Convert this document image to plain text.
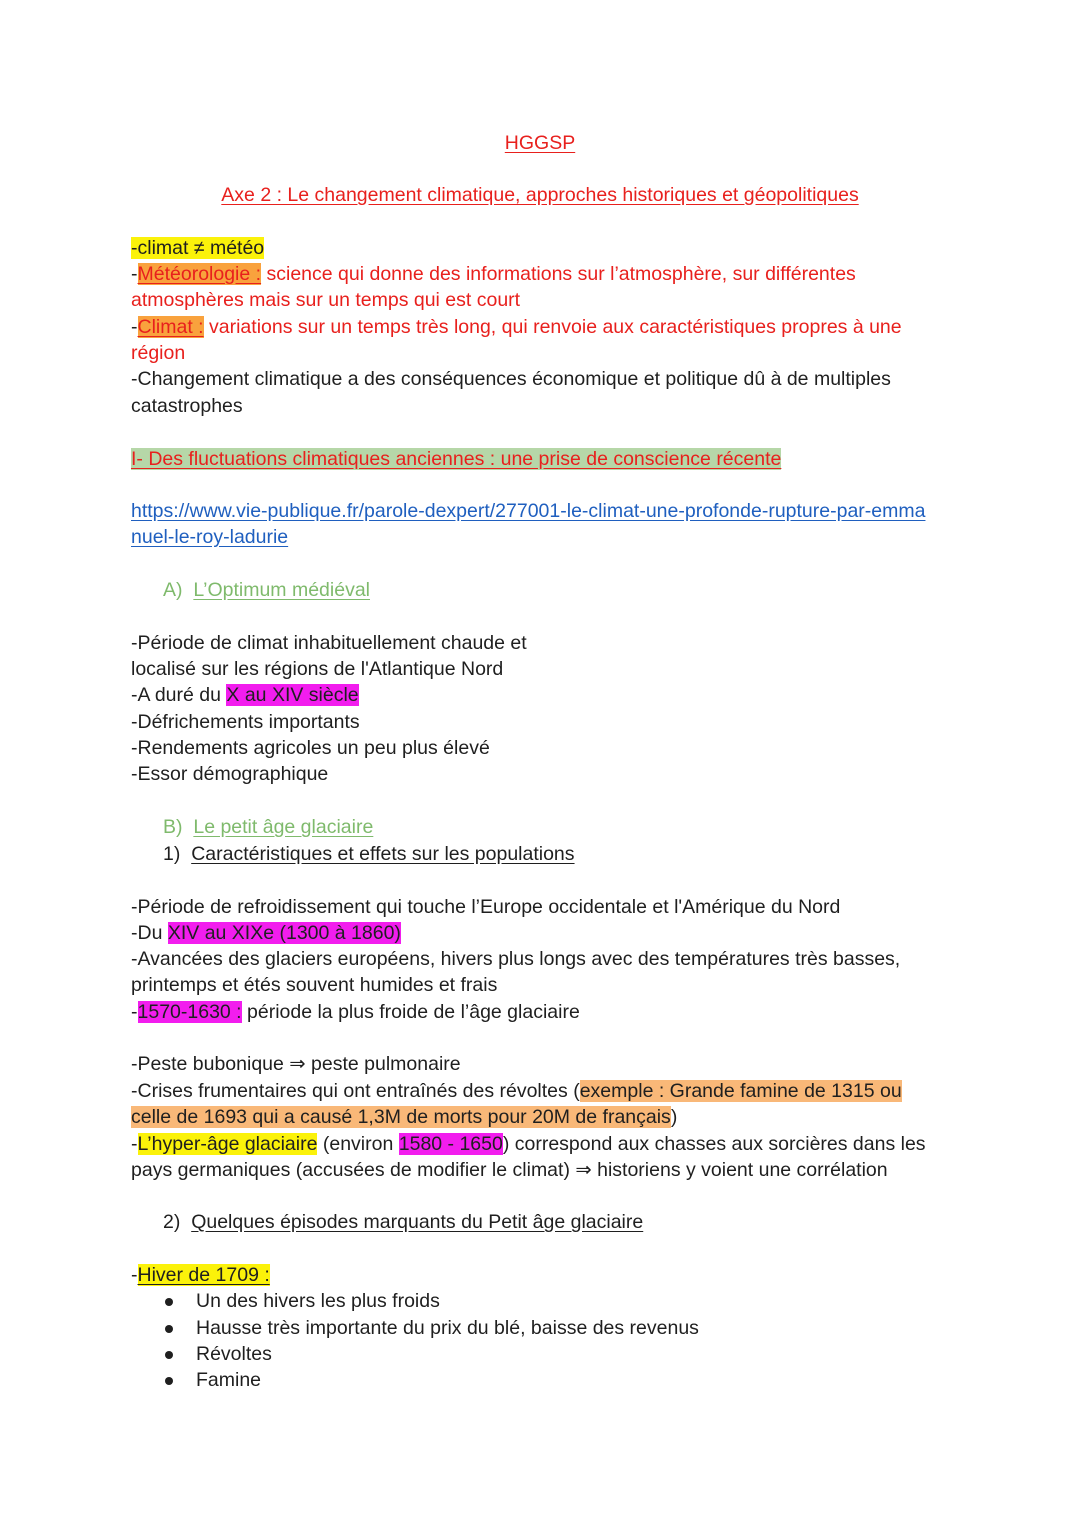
HGGSP
Axe 2 : Le changement climatique, approches historiques et géopolitiques
-climat ≠ météo
-Météorologie : science qui donne des informations sur l’atmosphère, sur différentes
atmosphères mais sur un temps qui est court
-Climat : variations sur un temps très long, qui renvoie aux caractéristiques propres à une
région
-Changement climatique a des conséquences économique et politique dû à de multiples
catastrophes
I- Des fluctuations climatiques anciennes : une prise de conscience récente
https://www.vie-publique.fr/parole-dexpert/277001-le-climat-une-profonde-rupture-par-emma
nuel-le-roy-ladurie
A) L’Optimum médiéval
-Période de climat inhabituellement chaude et
localisé sur les régions de l'Atlantique Nord
-A duré du X au XIV siècle
-Défrichements importants
-Rendements agricoles un peu plus élevé
-Essor démographique
B) Le petit âge glaciaire
1) Caractéristiques et effets sur les populations
-Période de refroidissement qui touche l’Europe occidentale et l'Amérique du Nord
-Du XIV au XIXe (1300 à 1860)
-Avancées des glaciers européens, hivers plus longs avec des températures très basses,
printemps et étés souvent humides et frais
-1570-1630 : période la plus froide de l’âge glaciaire
-Peste bubonique ⇒ peste pulmonaire
-Crises frumentaires qui ont entraînés des révoltes (exemple : Grande famine de 1315 ou
celle de 1693 qui a causé 1,3M de morts pour 20M de français)
-L’hyper-âge glaciaire (environ 1580 - 1650) correspond aux chasses aux sorcières dans les
pays germaniques (accusées de modifier le climat) ⇒ historiens y voient une corrélation
2) Quelques épisodes marquants du Petit âge glaciaire
-Hiver de 1709 :
Un des hivers les plus froids
Hausse très importante du prix du blé, baisse des revenus
Révoltes
Famine
